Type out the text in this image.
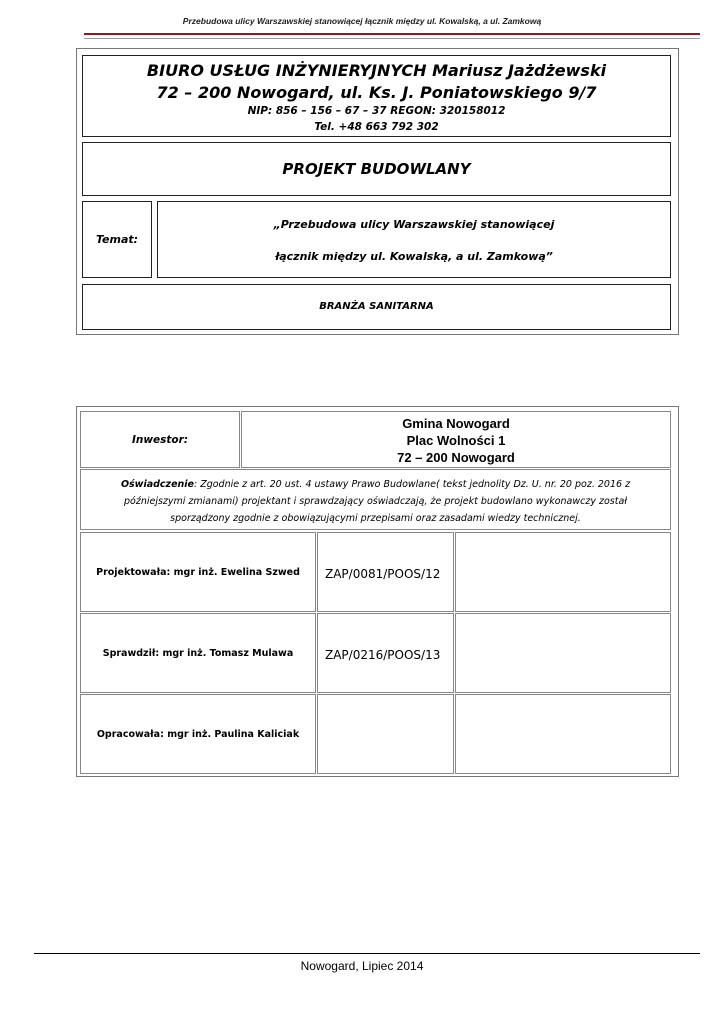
Przebudowa ulicy Warszawskiej stanowiącej łącznik między ul. Kowalską, a ul. Zamkową
BIURO USŁUG INŻYNIERYJNYCH Mariusz Jażdżewski
72 – 200 Nowogard, ul. Ks. J. Poniatowskiego 9/7
NIP: 856 – 156 – 67 – 37 REGON: 320158012
Tel. +48 663 792 302
PROJEKT BUDOWLANY
Temat:
„Przebudowa ulicy Warszawskiej stanowiącej
łącznik między ul. Kowalską, a ul. Zamkową”
BRANŻA SANITARNA
Inwestor:
Gmina Nowogard
Plac Wolności 1
72 – 200 Nowogard
Oświadczenie: Zgodnie z art. 20 ust. 4 ustawy Prawo Budowlane( tekst jednolity Dz. U. nr. 20 poz. 2016 z późniejszymi zmianami) projektant i sprawdzający oświadczają, że projekt budowlano wykonawczy został sporządzony zgodnie z obowiązującymi przepisami oraz zasadami wiedzy technicznej.
Projektowała: mgr inż. Ewelina Szwed	ZAP/0081/POOS/12
Sprawdził: mgr inż. Tomasz Mulawa	ZAP/0216/POOS/13
Opracowała: mgr inż. Paulina Kaliciak
Nowogard, Lipiec 2014
